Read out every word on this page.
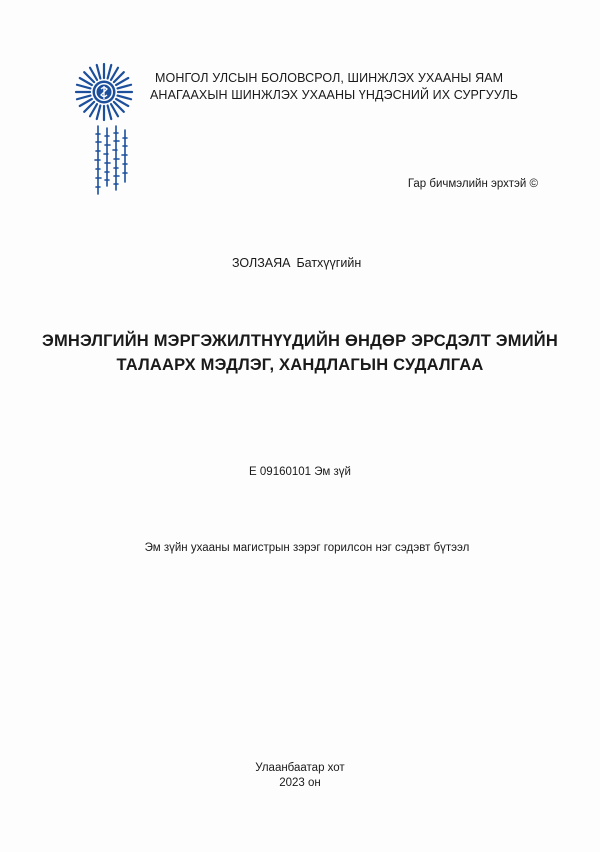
МОНГОЛ УЛСЫН БОЛОВСРОЛ, ШИНЖЛЭХ УХААНЫ ЯАМ
АНАГААХЫН ШИНЖЛЭХ УХААНЫ ҮНДЭСНИЙ ИХ СУРГУУЛЬ
Гар бичмэлийн эрхтэй ©
ЗОЛЗАЯА Батхүүгийн
ЭМНЭЛГИЙН МЭРГЭЖИЛТНҮҮДИЙН ӨНДӨР ЭРСДЭЛТ ЭМИЙН
ТАЛААРХ МЭДЛЭГ, ХАНДЛАГЫН СУДАЛГАА
Е 09160101 Эм зүй
Эм зүйн ухааны магистрын зэрэг горилсон нэг сэдэвт бүтээл
Улаанбаатар хот
2023 он
